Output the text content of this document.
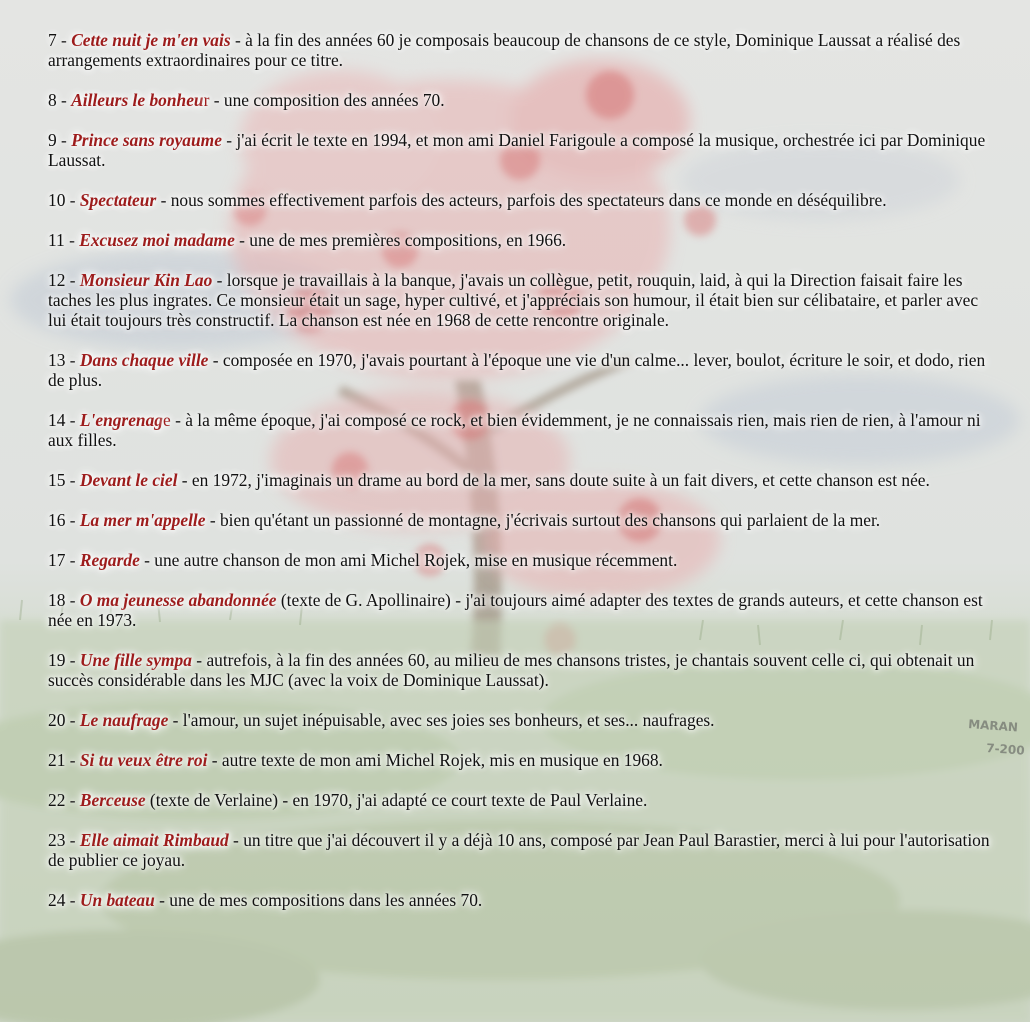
MARAN
7-200

7 - Cette nuit je m'en vais - à la fin des années 60 je composais beaucoup de chansons de ce style, Dominique Laussat a réalisé des arrangements extraordinaires pour ce titre.

8 - Ailleurs le bonheur - une composition des années 70.

9 - Prince sans royaume - j'ai écrit le texte en 1994, et mon ami Daniel Farigoule a composé la musique, orchestrée ici par Dominique Laussat.

10 - Spectateur - nous sommes effectivement parfois des acteurs, parfois des spectateurs dans ce monde en déséquilibre.

11 - Excusez moi madame - une de mes premières compositions, en 1966.

12 - Monsieur Kin Lao - lorsque je travaillais à la banque, j'avais un collègue, petit, rouquin, laid, à qui la Direction faisait faire les taches les plus ingrates. Ce monsieur était un sage, hyper cultivé, et j'appréciais son humour, il était bien sur célibataire, et parler avec lui était toujours très constructif. La chanson est née en 1968 de cette rencontre originale.

13 - Dans chaque ville - composée en 1970, j'avais pourtant à l'époque une vie d'un calme... lever, boulot, écriture le soir, et dodo, rien de plus.

14 - L'engrenage - à la même époque, j'ai composé ce rock, et bien évidemment, je ne connaissais rien, mais rien de rien, à l'amour ni aux filles.

15 - Devant le ciel - en 1972, j'imaginais un drame au bord de la mer, sans doute suite à un fait divers, et cette chanson est née.

16 - La mer m'appelle - bien qu'étant un passionné de montagne, j'écrivais surtout des chansons qui parlaient de la mer.

17 - Regarde - une autre chanson de mon ami Michel Rojek, mise en musique récemment.

18 - O ma jeunesse abandonnée (texte de G. Apollinaire) - j'ai toujours aimé adapter des textes de grands auteurs, et cette chanson est née en 1973.

19 - Une fille sympa - autrefois, à la fin des années 60, au milieu de mes chansons tristes, je chantais souvent celle ci, qui obtenait un succès considérable dans les MJC (avec la voix de Dominique Laussat).

20 - Le naufrage - l'amour, un sujet inépuisable, avec ses joies ses bonheurs, et ses... naufrages.

21 - Si tu veux être roi - autre texte de mon ami Michel Rojek, mis en musique en 1968.

22 - Berceuse (texte de Verlaine) - en 1970, j'ai adapté ce court texte de Paul Verlaine.

23 - Elle aimait Rimbaud - un titre que j'ai découvert il y a déjà 10 ans, composé par Jean Paul Barastier, merci à lui pour l'autorisation de publier ce joyau.

24 - Un bateau - une de mes compositions dans les années 70.
